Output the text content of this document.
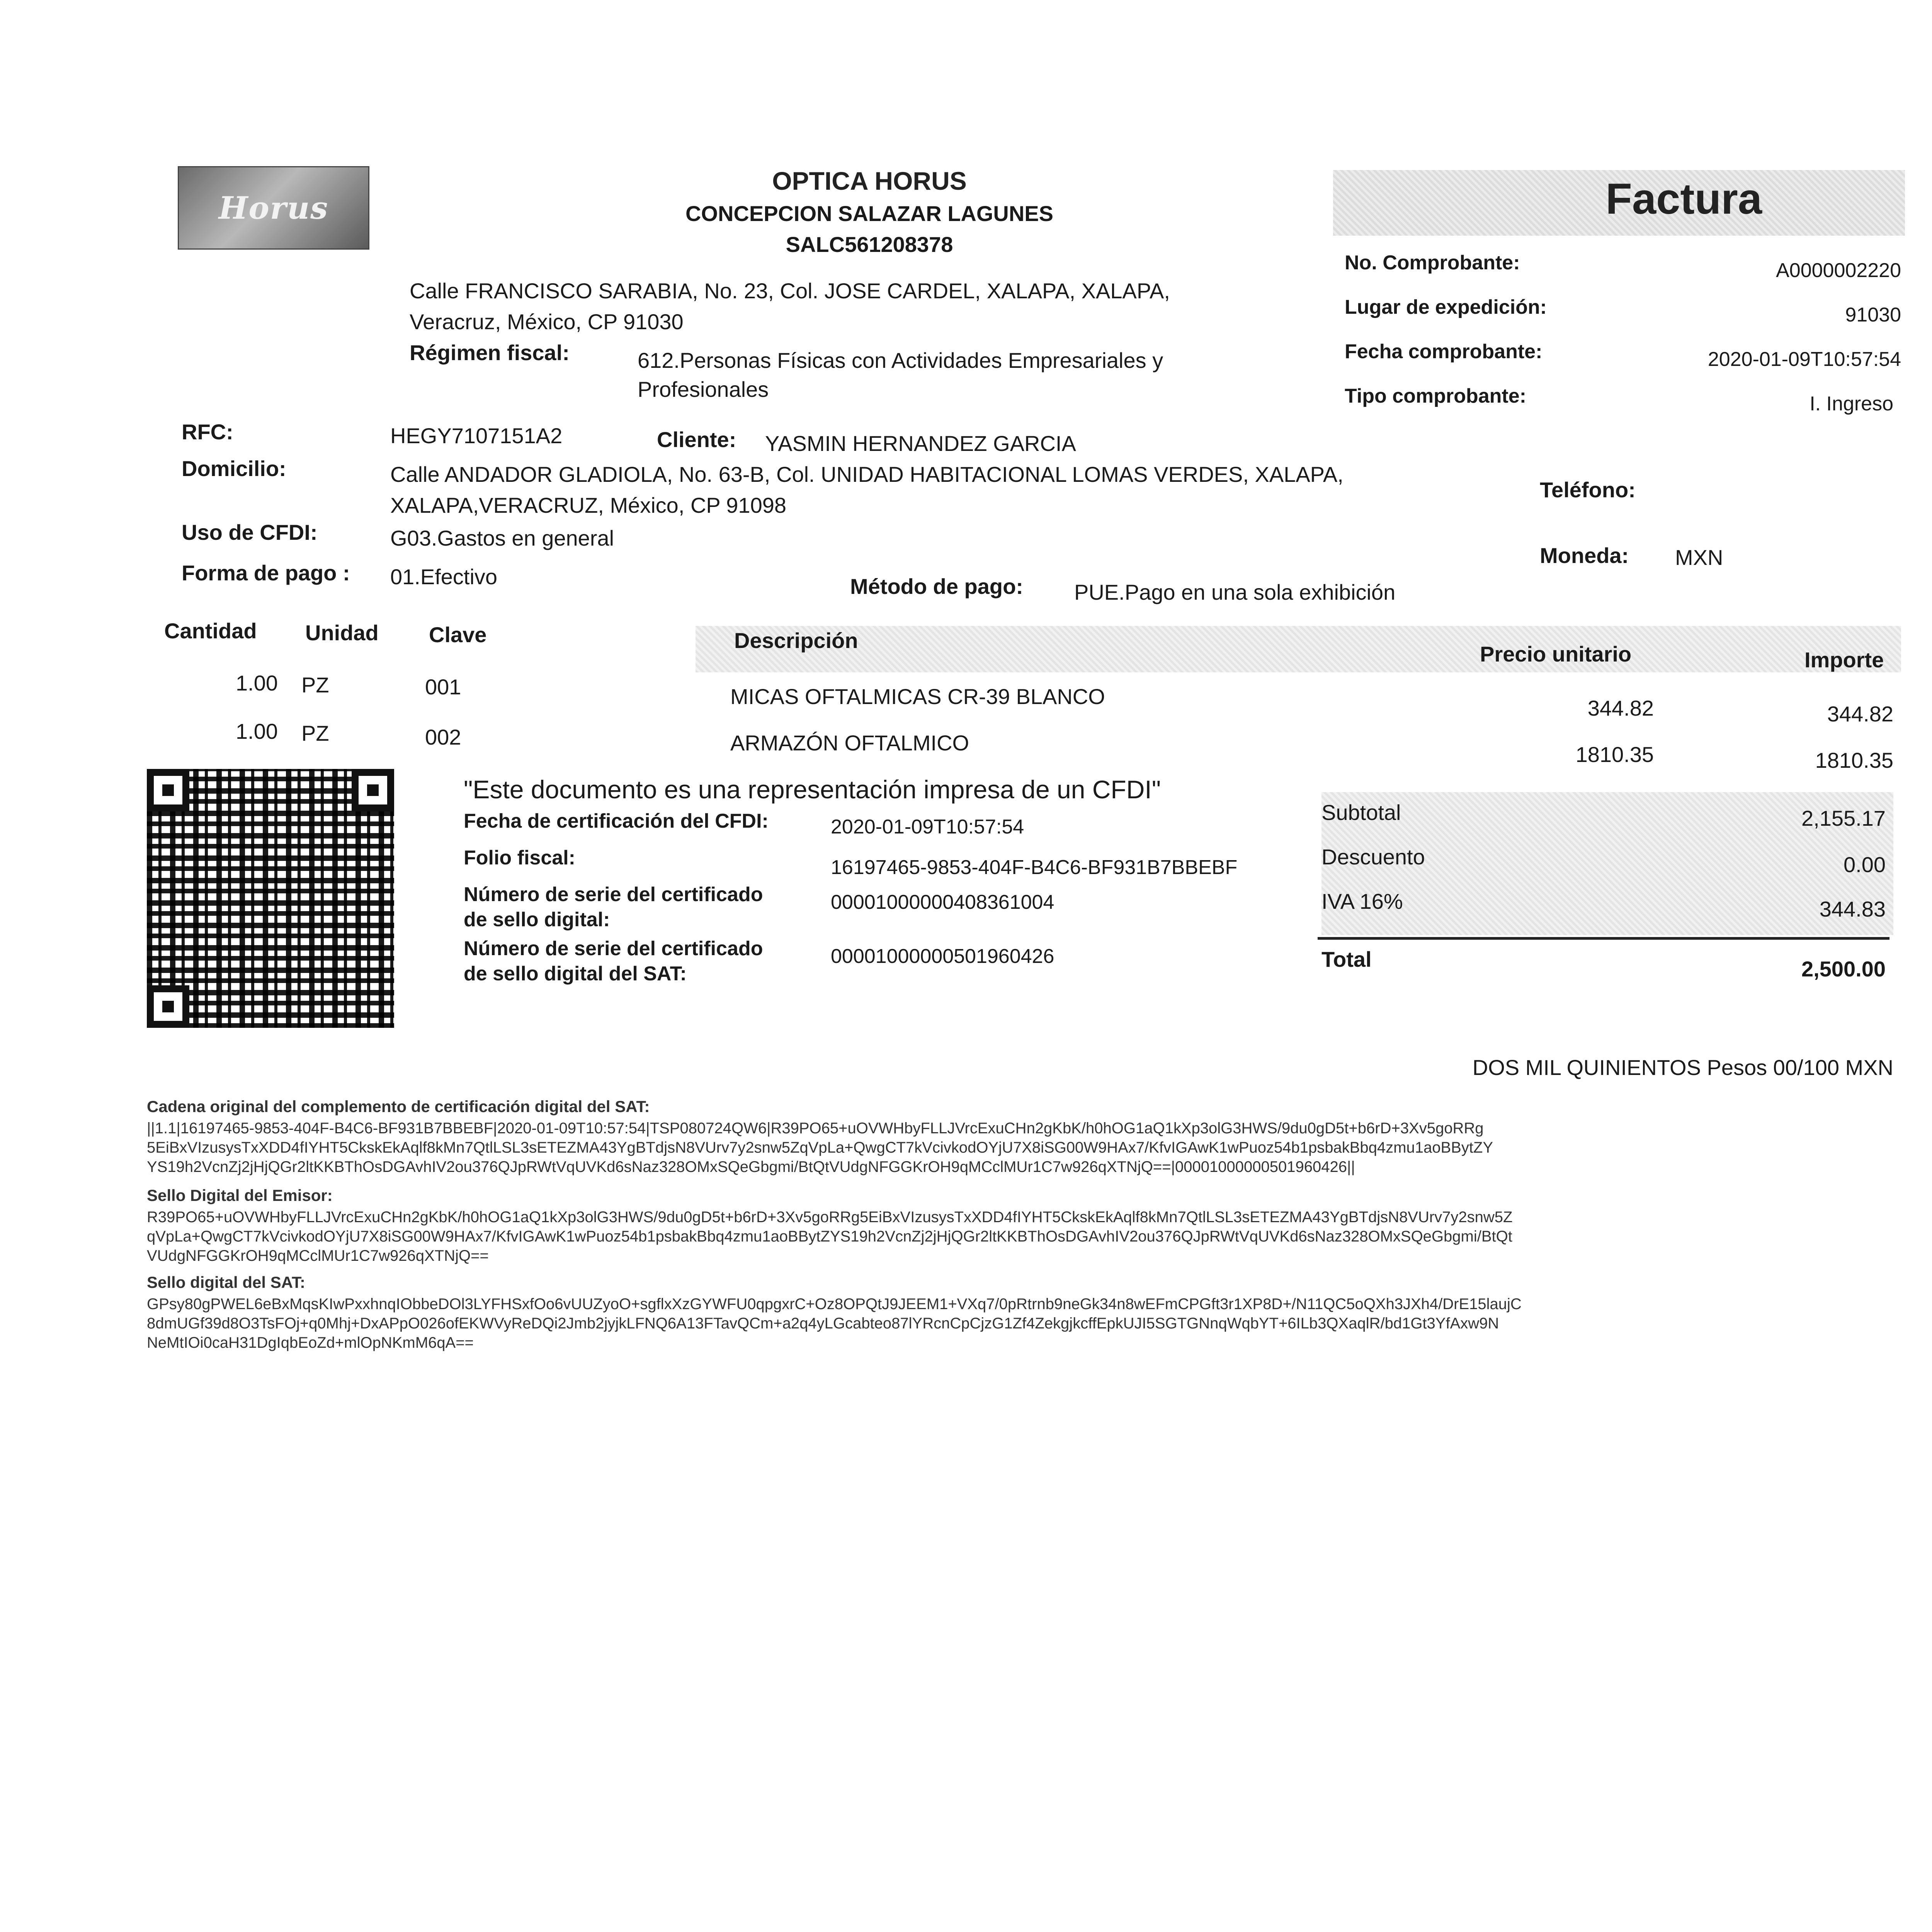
Horus
OPTICA HORUS
CONCEPCION SALAZAR LAGUNES
SALC561208378
Calle FRANCISCO SARABIA, No. 23, Col. JOSE CARDEL, XALAPA, XALAPA,
Veracruz, México, CP 91030
Régimen fiscal:	612.Personas Físicas con Actividades Empresariales y
Profesionales
Factura
No. Comprobante:	A0000002220
Lugar de expedición:	91030
Fecha comprobante:	2020-01-09T10:57:54
Tipo comprobante:	I. Ingreso
RFC:	HEGY7107151A2	Cliente: YASMIN HERNANDEZ GARCIA
Domicilio:	Calle ANDADOR GLADIOLA, No. 63-B, Col. UNIDAD HABITACIONAL LOMAS VERDES, XALAPA,
XALAPA,VERACRUZ, México, CP 91098
Teléfono:
Uso de CFDI:	G03.Gastos en general
Moneda: MXN
Forma de pago : 01.Efectivo	Método de pago: PUE.Pago en una sola exhibición
Cantidad Unidad Clave	Descripción
Precio unitario	Importe
1.00 PZ	001	MICAS OFTALMICAS CR-39 BLANCO	344.82	344.82
1.00 PZ	002	ARMAZÓN OFTALMICO	1810.35	1810.35
"Este documento es una representación impresa de un CFDI"
Fecha de certificación del CFDI:	2020-01-09T10:57:54
Folio fiscal:	16197465-9853-404F-B4C6-BF931B7BBEBF
Número de serie del certificado
de sello digital:
00001000000408361004
Número de serie del certificado
de sello digital del SAT:
00001000000501960426
Subtotal	2,155.17
Descuento	0.00
IVA 16%	344.83
Total	2,500.00
DOS MIL QUINIENTOS Pesos 00/100 MXN
Cadena original del complemento de certificación digital del SAT:
||1.1|16197465-9853-404F-B4C6-BF931B7BBEBF|2020-01-09T10:57:54|TSP080724QW6|R39PO65+uOVWHbyFLLJVrcExuCHn2gKbK/h0hOG1aQ1kXp3olG3HWS/9du0gD5t+b6rD+3Xv5goRRg
5EiBxVIzusysTxXDD4fIYHT5CkskEkAqlf8kMn7QtlLSL3sETEZMA43YgBTdjsN8VUrv7y2snw5ZqVpLa+QwgCT7kVcivkodOYjU7X8iSG00W9HAx7/KfvIGAwK1wPuoz54b1psbakBbq4zmu1aoBBytZY
YS19h2VcnZj2jHjQGr2ltKKBThOsDGAvhIV2ou376QJpRWtVqUVKd6sNaz328OMxSQeGbgmi/BtQtVUdgNFGGKrOH9qMCclMUr1C7w926qXTNjQ==|00001000000501960426||
Sello Digital del Emisor:
R39PO65+uOVWHbyFLLJVrcExuCHn2gKbK/h0hOG1aQ1kXp3olG3HWS/9du0gD5t+b6rD+3Xv5goRRg5EiBxVIzusysTxXDD4fIYHT5CkskEkAqlf8kMn7QtlLSL3sETEZMA43YgBTdjsN8VUrv7y2snw5Z
qVpLa+QwgCT7kVcivkodOYjU7X8iSG00W9HAx7/KfvIGAwK1wPuoz54b1psbakBbq4zmu1aoBBytZYS19h2VcnZj2jHjQGr2ltKKBThOsDGAvhIV2ou376QJpRWtVqUVKd6sNaz328OMxSQeGbgmi/BtQt
VUdgNFGGKrOH9qMCclMUr1C7w926qXTNjQ==
Sello digital del SAT:
GPsy80gPWEL6eBxMqsKIwPxxhnqIObbeDOl3LYFHSxfOo6vUUZyoO+sgflxXzGYWFU0qpgxrC+Oz8OPQtJ9JEEM1+VXq7/0pRtrnb9neGk34n8wEFmCPGft3r1XP8D+/N11QC5oQXh3JXh4/DrE15laujC
8dmUGf39d8O3TsFOj+q0Mhj+DxAPpO026ofEKWVyReDQi2Jmb2jyjkLFNQ6A13FTavQCm+a2q4yLGcabteo87lYRcnCpCjzG1Zf4ZekgjkcffEpkUJI5SGTGNnqWqbYT+6ILb3QXaqlR/bd1Gt3YfAxw9N
NeMtIOi0caH31DgIqbEoZd+mlOpNKmM6qA==
